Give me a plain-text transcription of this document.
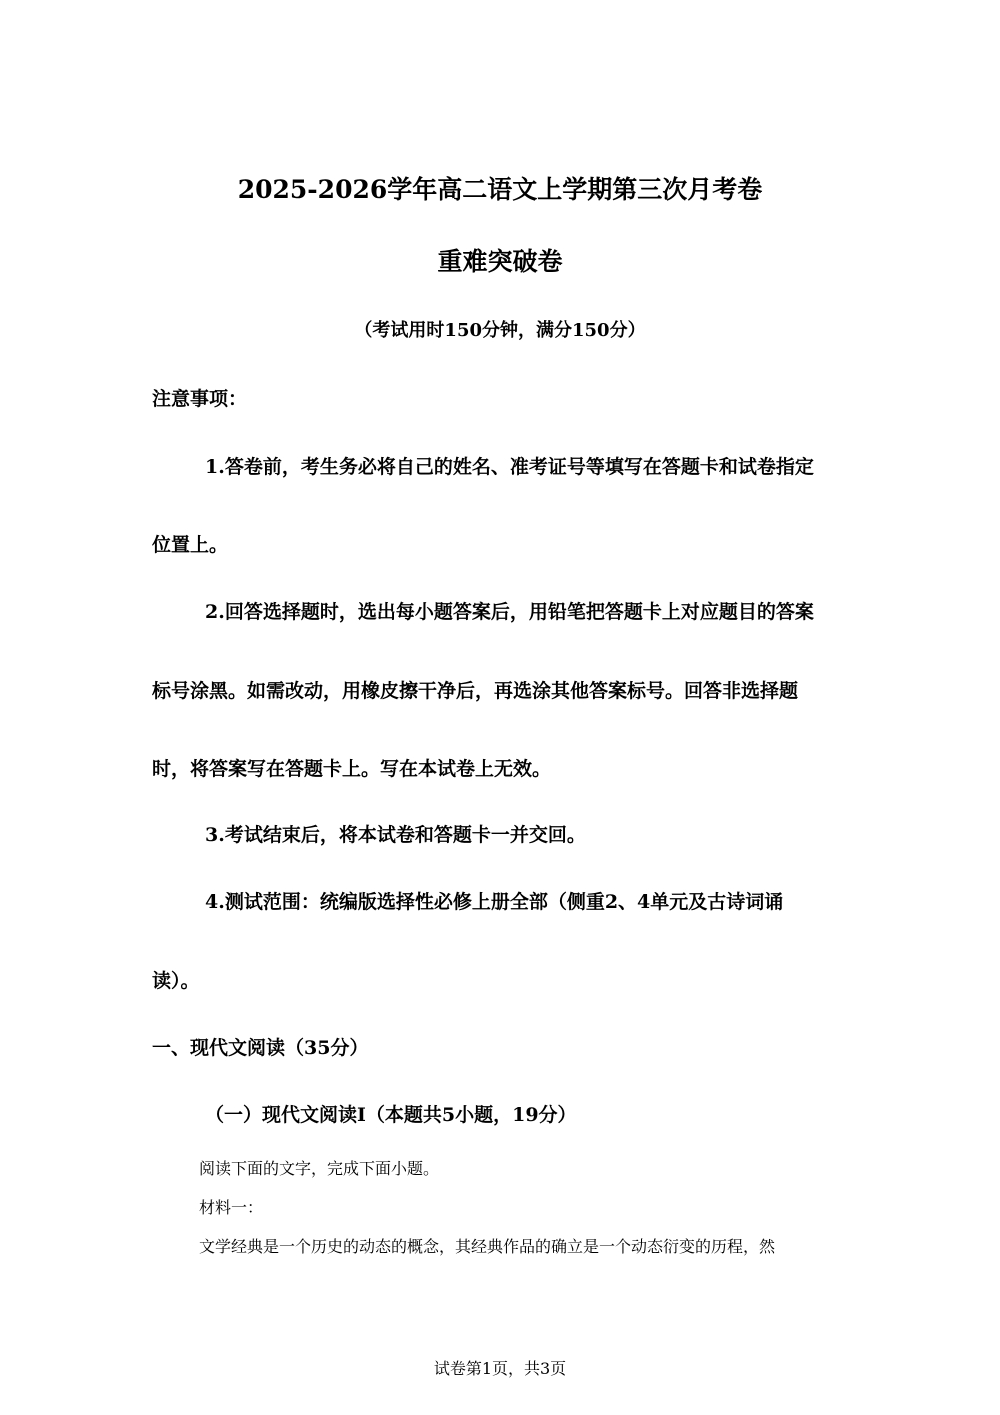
2025-2026学年高二语文上学期第三次月考卷
重难突破卷
（考试用时150分钟，满分150分）
注意事项：
1.答卷前，考生务必将自己的姓名、准考证号等填写在答题卡和试卷指定
位置上。
2.回答选择题时，选出每小题答案后，用铅笔把答题卡上对应题目的答案
标号涂黑。如需改动，用橡皮擦干净后，再选涂其他答案标号。回答非选择题
时，将答案写在答题卡上。写在本试卷上无效。
3.考试结束后，将本试卷和答题卡一并交回。
4.测试范围：统编版选择性必修上册全部（侧重2、4单元及古诗词诵
读）。
一、现代文阅读（35分）
（一）现代文阅读Ⅰ（本题共5小题，19分）
阅读下面的文字，完成下面小题。
材料一：
文学经典是一个历史的动态的概念，其经典作品的确立是一个动态衍变的历程，然
试卷第1页，共3页
